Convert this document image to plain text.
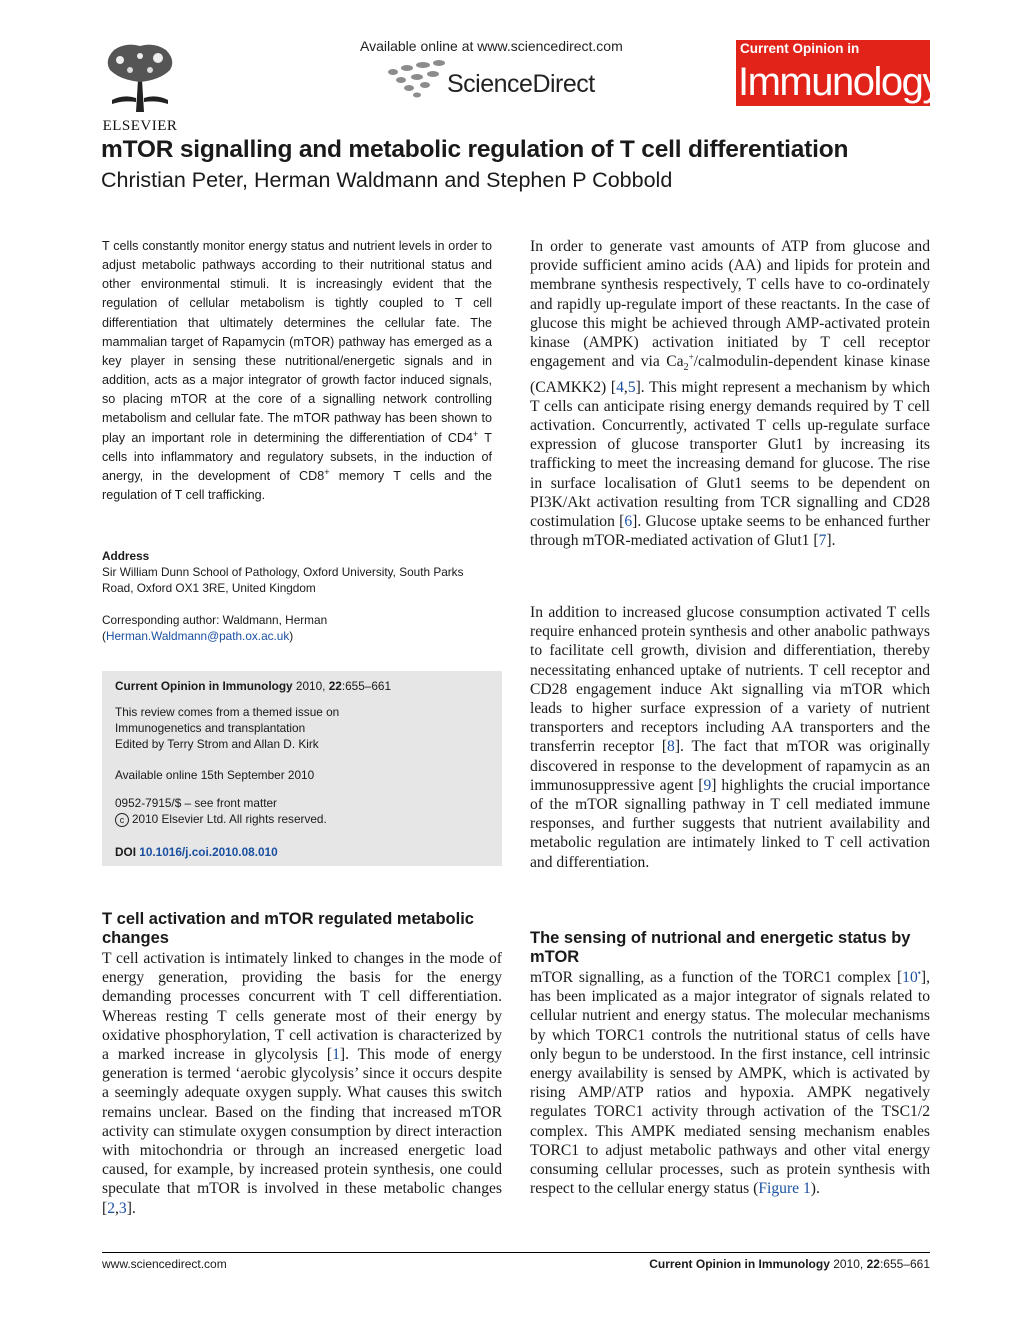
ELSEVIER
Available online at www.sciencedirect.com
ScienceDirect
Current Opinion in
Immunology
mTOR signalling and metabolic regulation of T cell differentiation
Christian Peter, Herman Waldmann and Stephen P Cobbold

T cells constantly monitor energy status and nutrient levels in order to adjust metabolic pathways according to their nutritional status and other environmental stimuli. It is increasingly evident that the regulation of cellular metabolism is tightly coupled to T cell differentiation that ultimately determines the cellular fate. The mammalian target of Rapamycin (mTOR) pathway has emerged as a key player in sensing these nutritional/energetic signals and in addition, acts as a major integrator of growth factor induced signals, so placing mTOR at the core of a signalling network controlling metabolism and cellular fate. The mTOR pathway has been shown to play an important role in determining the differentiation of CD4+ T cells into inflammatory and regulatory subsets, in the induction of anergy, in the development of CD8+ memory T cells and the regulation of T cell trafficking.

Address
Sir William Dunn School of Pathology, Oxford University, South Parks
Road, Oxford OX1 3RE, United Kingdom
Corresponding author: Waldmann, Herman
(Herman.Waldmann@path.ox.ac.uk)
Current Opinion in Immunology 2010, 22:655–661
This review comes from a themed issue on
Immunogenetics and transplantation
Edited by Terry Strom and Allan D. Kirk
Available online 15th September 2010
0952-7915/$ – see front matter
c 2010 Elsevier Ltd. All rights reserved.
DOI 10.1016/j.coi.2010.08.010
T cell activation and mTOR regulated metabolic changes

T cell activation is intimately linked to changes in the mode of energy generation, providing the basis for the energy demanding processes concurrent with T cell differentiation. Whereas resting T cells generate most of their energy by oxidative phosphorylation, T cell activation is characterized by a marked increase in glycolysis [1]. This mode of energy generation is termed ‘aerobic glycolysis’ since it occurs despite a seemingly adequate oxygen supply. What causes this switch remains unclear. Based on the finding that increased mTOR activity can stimulate oxygen consumption by direct interaction with mitochondria or through an increased energetic load caused, for example, by increased protein synthesis, one could speculate that mTOR is involved in these metabolic changes [2,3].

In order to generate vast amounts of ATP from glucose and provide sufficient amino acids (AA) and lipids for protein and membrane synthesis respectively, T cells have to co-ordinately and rapidly up-regulate import of these reactants. In the case of glucose this might be achieved through AMP-activated protein kinase (AMPK) activation initiated by T cell receptor engagement and via $Ca_2^+/calmodulin$-dependent kinase kinase (CAMKK2) [4,5]. This might represent a mechanism by which T cells can anticipate rising energy demands required by T cell activation. Concurrently, activated T cells up-regulate surface expression of glucose transporter Glut1 by increasing its trafficking to meet the increasing demand for glucose. The rise in surface localisation of Glut1 seems to be dependent on PI3K/Akt activation resulting from TCR signalling and CD28 costimulation [6]. Glucose uptake seems to be enhanced further through mTOR-mediated activation of Glut1 [7].

In addition to increased glucose consumption activated T cells require enhanced protein synthesis and other anabolic pathways to facilitate cell growth, division and differentiation, thereby necessitating enhanced uptake of nutrients. T cell receptor and CD28 engagement induce Akt signalling via mTOR which leads to higher surface expression of a variety of nutrient transporters and receptors including AA transporters and the transferrin receptor [8]. The fact that mTOR was originally discovered in response to the development of rapamycin as an immunosuppressive agent [9] highlights the crucial importance of the mTOR signalling pathway in T cell mediated immune responses, and further suggests that nutrient availability and metabolic regulation are intimately linked to T cell activation and differentiation.

The sensing of nutrional and energetic status by mTOR

mTOR signalling, as a function of the TORC1 complex [10•], has been implicated as a major integrator of signals related to cellular nutrient and energy status. The molecular mechanisms by which TORC1 controls the nutritional status of cells have only begun to be understood. In the first instance, cell intrinsic energy availability is sensed by AMPK, which is activated by rising AMP/ATP ratios and hypoxia. AMPK negatively regulates TORC1 activity through activation of the TSC1/2 complex. This AMPK mediated sensing mechanism enables TORC1 to adjust metabolic pathways and other vital energy consuming cellular processes, such as protein synthesis with respect to the cellular energy status (Figure 1).

www.sciencedirect.com	Current Opinion in Immunology 2010, 22:655–661
